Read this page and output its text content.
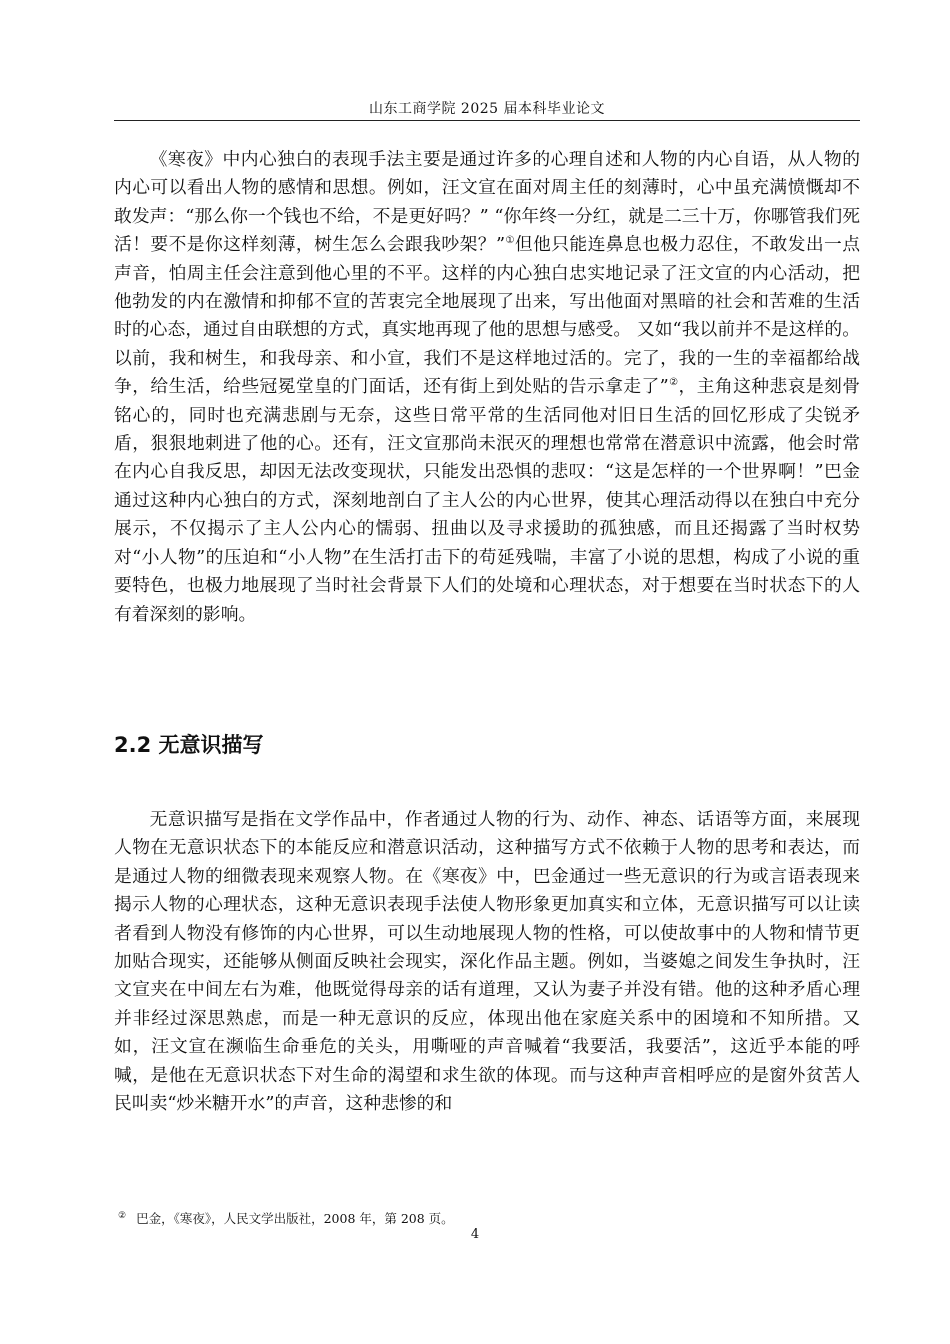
山东工商学院 2025 届本科毕业论文

《寒夜》中内心独白的表现手法主要是通过许多的心理自述和人物的内心自语，从人物的内心可以看出人物的感情和思想。例如，汪文宣在面对周主任的刻薄时，心中虽充满愤慨却不敢发声：“那么你一个钱也不给，不是更好吗？” “你年终一分红，就是二三十万，你哪管我们死活！要不是你这样刻薄，树生怎么会跟我吵架？”①但他只能连鼻息也极力忍住，不敢发出一点声音，怕周主任会注意到他心里的不平。这样的内心独白忠实地记录了汪文宣的内心活动，把他勃发的内在激情和抑郁不宣的苦衷完全地展现了出来，写出他面对黑暗的社会和苦难的生活时的心态，通过自由联想的方式，真实地再现了他的思想与感受。 又如“我以前并不是这样的。以前，我和树生，和我母亲、和小宣，我们不是这样地过活的。完了，我的一生的幸福都给战争，给生活，给些冠冕堂皇的门面话，还有街上到处贴的告示拿走了”②，主角这种悲哀是刻骨铭心的，同时也充满悲剧与无奈，这些日常平常的生活同他对旧日生活的回忆形成了尖锐矛盾，狠狠地刺进了他的心。还有，汪文宣那尚未泯灭的理想也常常在潜意识中流露，他会时常在内心自我反思，却因无法改变现状，只能发出恐惧的悲叹：“这是怎样的一个世界啊！”巴金通过这种内心独白的方式，深刻地剖白了主人公的内心世界，使其心理活动得以在独白中充分展示，不仅揭示了主人公内心的懦弱、扭曲以及寻求援助的孤独感，而且还揭露了当时权势对“小人物”的压迫和“小人物”在生活打击下的苟延残喘，丰富了小说的思想，构成了小说的重要特色，也极力地展现了当时社会背景下人们的处境和心理状态，对于想要在当时状态下的人有着深刻的影响。

2.2 无意识描写

无意识描写是指在文学作品中，作者通过人物的行为、动作、神态、话语等方面，来展现人物在无意识状态下的本能反应和潜意识活动，这种描写方式不依赖于人物的思考和表达，而是通过人物的细微表现来观察人物。在《寒夜》中，巴金通过一些无意识的行为或言语表现来揭示人物的心理状态，这种无意识表现手法使人物形象更加真实和立体，无意识描写可以让读者看到人物没有修饰的内心世界，可以生动地展现人物的性格，可以使故事中的人物和情节更加贴合现实，还能够从侧面反映社会现实，深化作品主题。例如，当婆媳之间发生争执时，汪文宣夹在中间左右为难，他既觉得母亲的话有道理，又认为妻子并没有错。他的这种矛盾心理并非经过深思熟虑，而是一种无意识的反应，体现出他在家庭关系中的困境和不知所措。又如，汪文宣在濒临生命垂危的关头，用嘶哑的声音喊着“我要活，我要活”，这近乎本能的呼喊，是他在无意识状态下对生命的渴望和求生欲的体现。而与这种声音相呼应的是窗外贫苦人民叫卖“炒米糖开水”的声音，这种悲惨的和

② 巴金，《寒夜》，人民文学出版社，2008 年，第 208 页。
4
